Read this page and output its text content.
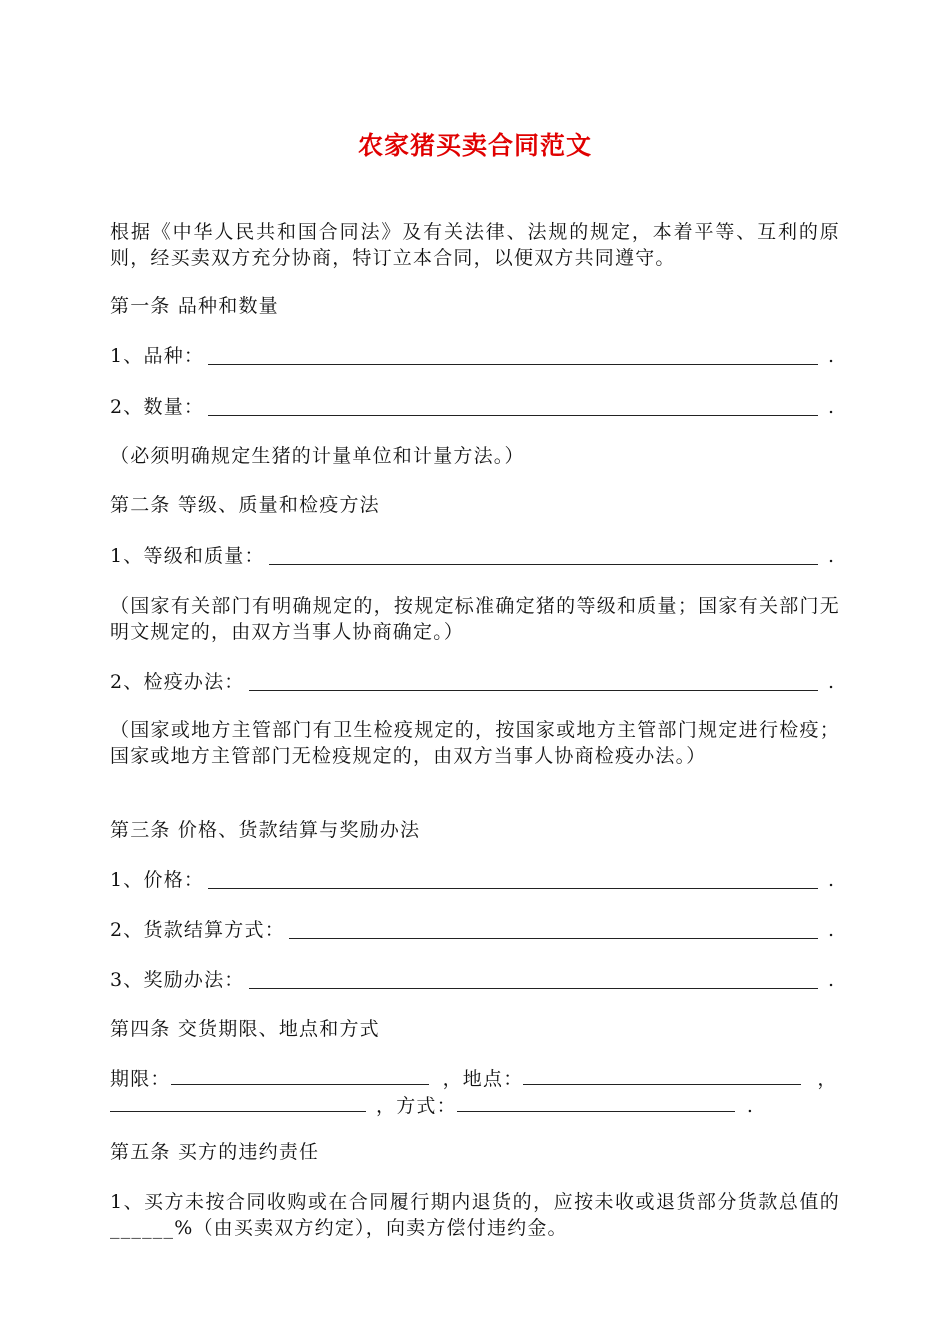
农家猪买卖合同范文
根据《中华人民共和国合同法》及有关法律、法规的规定，本着平等、互利的原则，经买卖双方充分协商，特订立本合同，以便双方共同遵守。
第一条 品种和数量
1、品种：	.
2、数量：	.
（必须明确规定生猪的计量单位和计量方法。）
第二条 等级、质量和检疫方法
1、等级和质量：	.
（国家有关部门有明确规定的，按规定标准确定猪的等级和质量；国家有关部门无明文规定的，由双方当事人协商确定。）
2、检疫办法：	.
（国家或地方主管部门有卫生检疫规定的，按国家或地方主管部门规定进行检疫；国家或地方主管部门无检疫规定的，由双方当事人协商检疫办法。）
第三条 价格、货款结算与奖励办法
1、价格：	.
2、货款结算方式：	.
3、奖励办法：	.
第四条 交货期限、地点和方式
期限：	，地点：	，
，方式：	.
第五条 买方的违约责任
1、买方未按合同收购或在合同履行期内退货的，应按未收或退货部分货款总值的______%（由买卖双方约定），向卖方偿付违约金。
